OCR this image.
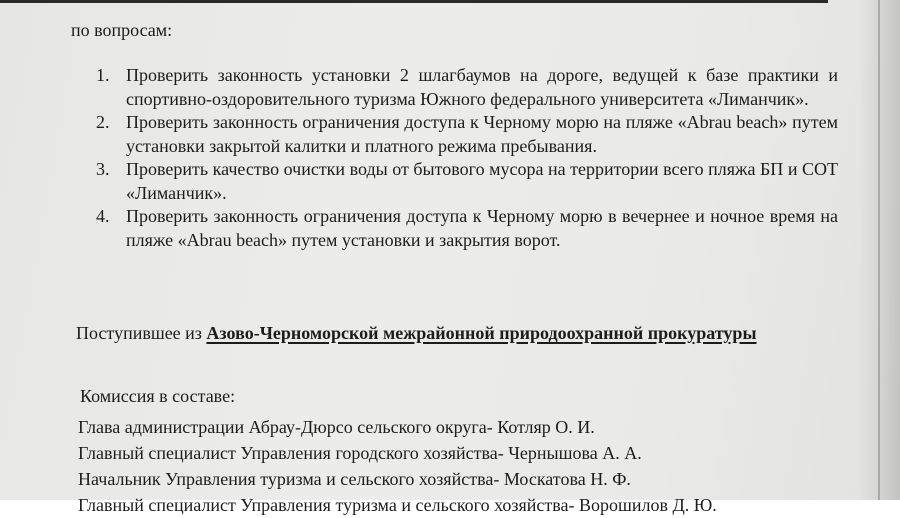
по вопросам:
1. Проверить законность установки 2 шлагбаумов на дороге, ведущей к базе практики и спортивно-оздоровительного туризма Южного федерального университета «Лиманчик».
2. Проверить законность ограничения доступа к Черному морю на пляже «Abrau beach» путем установки закрытой калитки и платного режима пребывания.
3. Проверить качество очистки воды от бытового мусора на территории всего пляжа БП и СОТ «Лиманчик».
4. Проверить законность ограничения доступа к Черному морю в вечернее и ночное время на пляже «Abrau beach» путем установки и закрытия ворот.

Поступившее из Азово-Черноморской межрайонной природоохранной прокуратуры

Комиссия в составе:
Глава администрации Абрау-Дюрсо сельского округа- Котляр О. И.
Главный специалист Управления городского хозяйства- Чернышова А. А.
Начальник Управления туризма и сельского хозяйства- Москатова Н. Ф.
Главный специалист Управления туризма и сельского хозяйства- Ворошилов Д. Ю.
